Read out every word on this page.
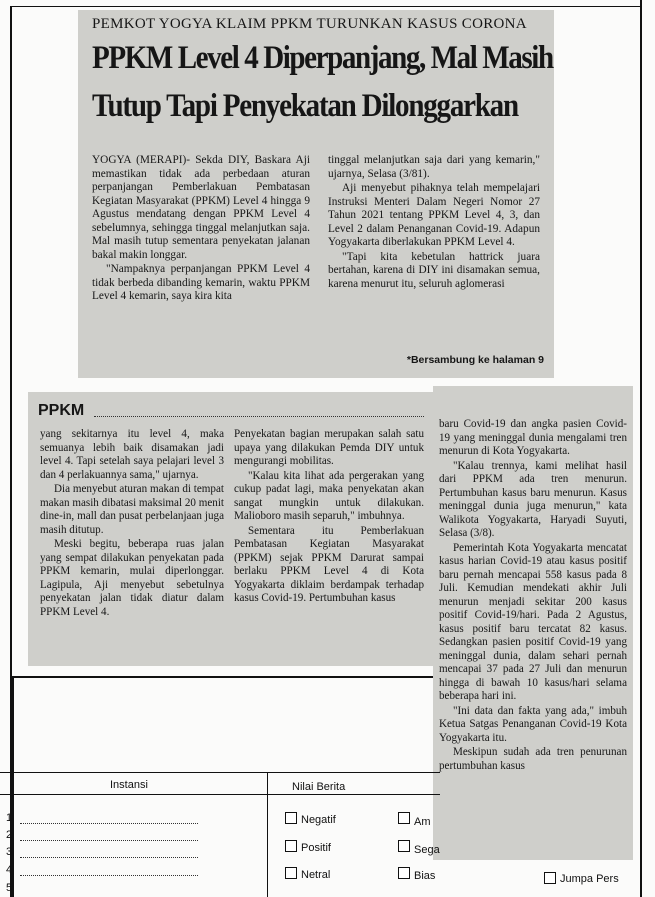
PEMKOT YOGYA KLAIM PPKM TURUNKAN KASUS CORONA
PPKM Level 4 Diperpanjang, Mal Masih
Tutup Tapi Penyekatan Dilonggarkan

YOGYA (MERAPI)- Sekda DIY, Baskara Aji memastikan tidak ada perbedaan aturan perpanjangan Pemberlakuan Pembatasan Kegiatan Masyarakat (PPKM) Level 4 hingga 9 Agustus mendatang dengan PPKM Level 4 sebelumnya, sehingga tinggal melanjutkan saja. Mal masih tutup sementara penyekatan jalanan bakal makin longgar.

"Nampaknya perpanjangan PPKM Level 4 tidak berbeda dibanding kemarin, waktu PPKM Level 4 kemarin, saya kira kita

tinggal melanjutkan saja dari yang kemarin," ujarnya, Selasa (3/81).

Aji menyebut pihaknya telah mempelajari Instruksi Menteri Dalam Negeri Nomor 27 Tahun 2021 tentang PPKM Level 4, 3, dan Level 2 dalam Penanganan Covid-19. Adapun Yogyakarta diberlakukan PPKM Level 4.

"Tapi kita kebetulan hattrick juara bertahan, karena di DIY ini disamakan semua, karena menurut itu, seluruh aglomerasi

*Bersambung ke halaman 9
PPKM

yang sekitarnya itu level 4, maka semuanya lebih baik disamakan jadi level 4. Tapi setelah saya pelajari level 3 dan 4 perlakuannya sama," ujarnya.

Dia menyebut aturan makan di tempat makan masih dibatasi maksimal 20 menit dine-in, mall dan pusat perbelanjaan juga masih ditutup.

Meski begitu, beberapa ruas jalan yang sempat dilakukan penyekatan pada PPKM kemarin, mulai diperlonggar. Lagipula, Aji menyebut sebetulnya penyekatan jalan tidak diatur dalam PPKM Level 4.

Penyekatan bagian merupakan salah satu upaya yang dilakukan Pemda DIY untuk mengurangi mobilitas.

"Kalau kita lihat ada pergerakan yang cukup padat lagi, maka penyekatan akan sangat mungkin untuk dilakukan. Malioboro masih separuh," imbuhnya.

Sementara itu Pemberlakuan Pembatasan Kegiatan Masyarakat (PPKM) sejak PPKM Darurat sampai berlaku PPKM Level 4 di Kota Yogyakarta diklaim berdampak terhadap kasus Covid-19. Pertumbuhan kasus

baru Covid-19 dan angka pasien Covid-19 yang meninggal dunia mengalami tren menurun di Kota Yogyakarta.

"Kalau trennya, kami melihat hasil dari PPKM ada tren menurun. Pertumbuhan kasus baru menurun. Kasus meninggal dunia juga menurun," kata Walikota Yogyakarta, Haryadi Suyuti, Selasa (3/8).

Pemerintah Kota Yogyakarta mencatat kasus harian Covid-19 atau kasus positif baru pernah mencapai 558 kasus pada 8 Juli. Kemudian mendekati akhir Juli menurun menjadi sekitar 200 kasus positif Covid-19/hari. Pada 2 Agustus, kasus positif baru tercatat 82 kasus. Sedangkan pasien positif Covid-19 yang meninggal dunia, dalam sehari pernah mencapai 37 pada 27 Juli dan menurun hingga di bawah 10 kasus/hari selama beberapa hari ini.

"Ini data dan fakta yang ada," imbuh Ketua Satgas Penanganan Covid-19 Kota Yogyakarta itu.

Meskipun sudah ada tren penurunan pertumbuhan kasus

Instansi	Nilai Berita
1
2
3
4
5
Negatif
Positif
Netral
Am
Sega
Bias	Jumpa Pers
